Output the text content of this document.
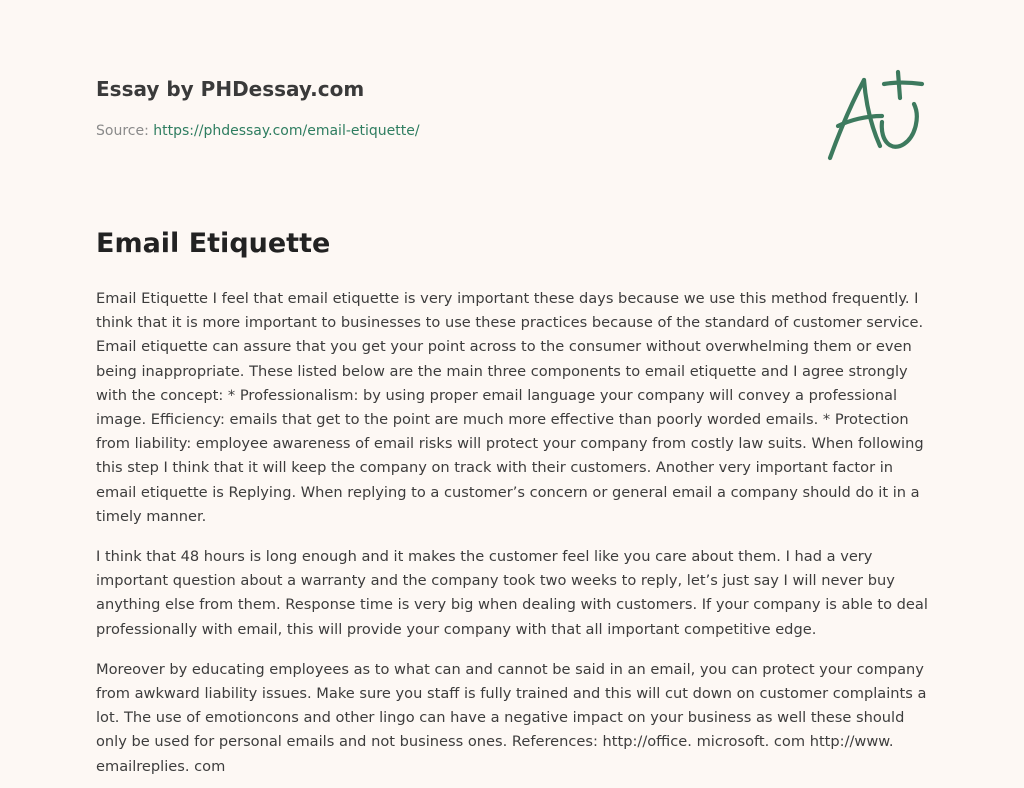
Essay by PHDessay.com
Source: https://phdessay.com/email-etiquette/
Email Etiquette

Email Etiquette I feel that email etiquette is very important these days because we use this method frequently. I think that it is more important to businesses to use these practices because of the standard of customer service. Email etiquette can assure that you get your point across to the consumer without overwhelming them or even being inappropriate. These listed below are the main three components to email etiquette and I agree strongly with the concept: * Professionalism: by using proper email language your company will convey a professional image. Efficiency: emails that get to the point are much more effective than poorly worded emails. * Protection from liability: employee awareness of email risks will protect your company from costly law suits. When following this step I think that it will keep the company on track with their customers. Another very important factor in email etiquette is Replying. When replying to a customer’s concern or general email a company should do it in a timely manner.

I think that 48 hours is long enough and it makes the customer feel like you care about them. I had a very important question about a warranty and the company took two weeks to reply, let’s just say I will never buy anything else from them. Response time is very big when dealing with customers. If your company is able to deal professionally with email, this will provide your company with that all important competitive edge.

Moreover by educating employees as to what can and cannot be said in an email, you can protect your company from awkward liability issues. Make sure you staff is fully trained and this will cut down on customer complaints a lot. The use of emotioncons and other lingo can have a negative impact on your business as well these should only be used for personal emails and not business ones. References: http://office. microsoft. com http://www. emailreplies. com
